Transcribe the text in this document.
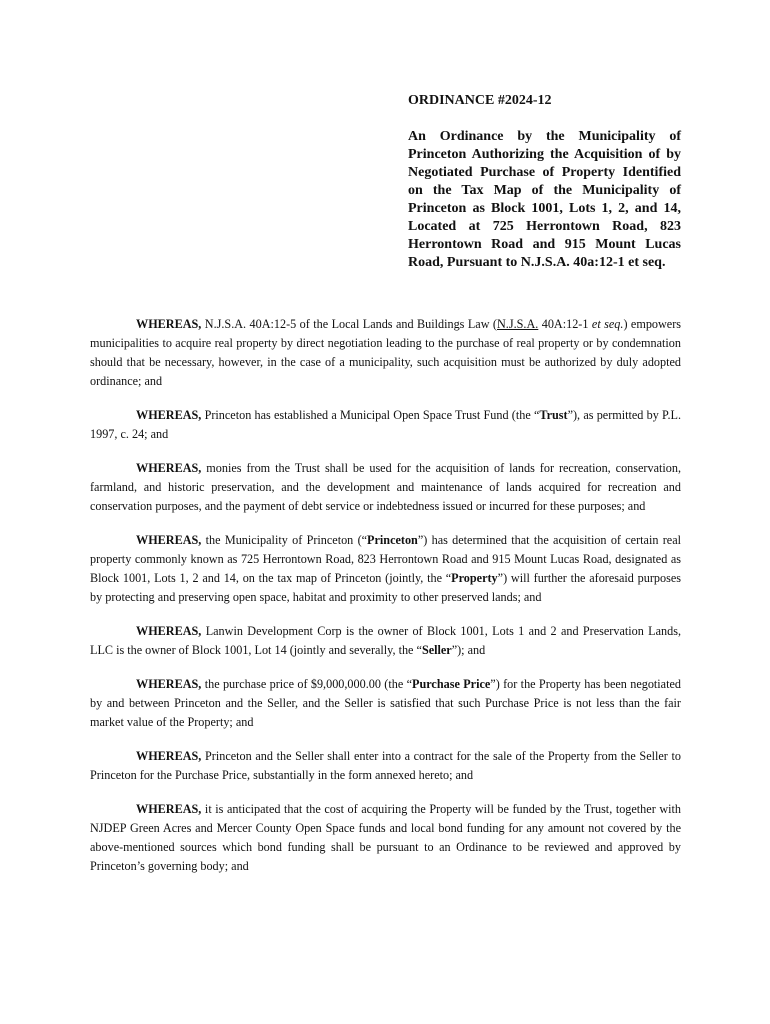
ORDINANCE #2024-12

An Ordinance by the Municipality of Princeton Authorizing the Acquisition of by Negotiated Purchase of Property Identified on the Tax Map of the Municipality of Princeton as Block 1001, Lots 1, 2, and 14, Located at 725 Herrontown Road, 823 Herrontown Road and 915 Mount Lucas Road, Pursuant to N.J.S.A. 40a:12-1 et seq.

WHEREAS, N.J.S.A. 40A:12-5 of the Local Lands and Buildings Law (N.J.S.A. 40A:12-1 et seq.) empowers municipalities to acquire real property by direct negotiation leading to the purchase of real property or by condemnation should that be necessary, however, in the case of a municipality, such acquisition must be authorized by duly adopted ordinance; and

WHEREAS, Princeton has established a Municipal Open Space Trust Fund (the “Trust”), as permitted by P.L. 1997, c. 24; and

WHEREAS, monies from the Trust shall be used for the acquisition of lands for recreation, conservation, farmland, and historic preservation, and the development and maintenance of lands acquired for recreation and conservation purposes, and the payment of debt service or indebtedness issued or incurred for these purposes; and

WHEREAS, the Municipality of Princeton (“Princeton”) has determined that the acquisition of certain real property commonly known as 725 Herrontown Road, 823 Herrontown Road and 915 Mount Lucas Road, designated as Block 1001, Lots 1, 2 and 14, on the tax map of Princeton (jointly, the “Property”) will further the aforesaid purposes by protecting and preserving open space, habitat and proximity to other preserved lands; and

WHEREAS, Lanwin Development Corp is the owner of Block 1001, Lots 1 and 2 and Preservation Lands, LLC is the owner of Block 1001, Lot 14 (jointly and severally, the “Seller”); and

WHEREAS, the purchase price of $9,000,000.00 (the “Purchase Price”) for the Property has been negotiated by and between Princeton and the Seller, and the Seller is satisfied that such Purchase Price is not less than the fair market value of the Property; and

WHEREAS, Princeton and the Seller shall enter into a contract for the sale of the Property from the Seller to Princeton for the Purchase Price, substantially in the form annexed hereto; and

WHEREAS, it is anticipated that the cost of acquiring the Property will be funded by the Trust, together with NJDEP Green Acres and Mercer County Open Space funds and local bond funding for any amount not covered by the above-mentioned sources which bond funding shall be pursuant to an Ordinance to be reviewed and approved by Princeton’s governing body; and
